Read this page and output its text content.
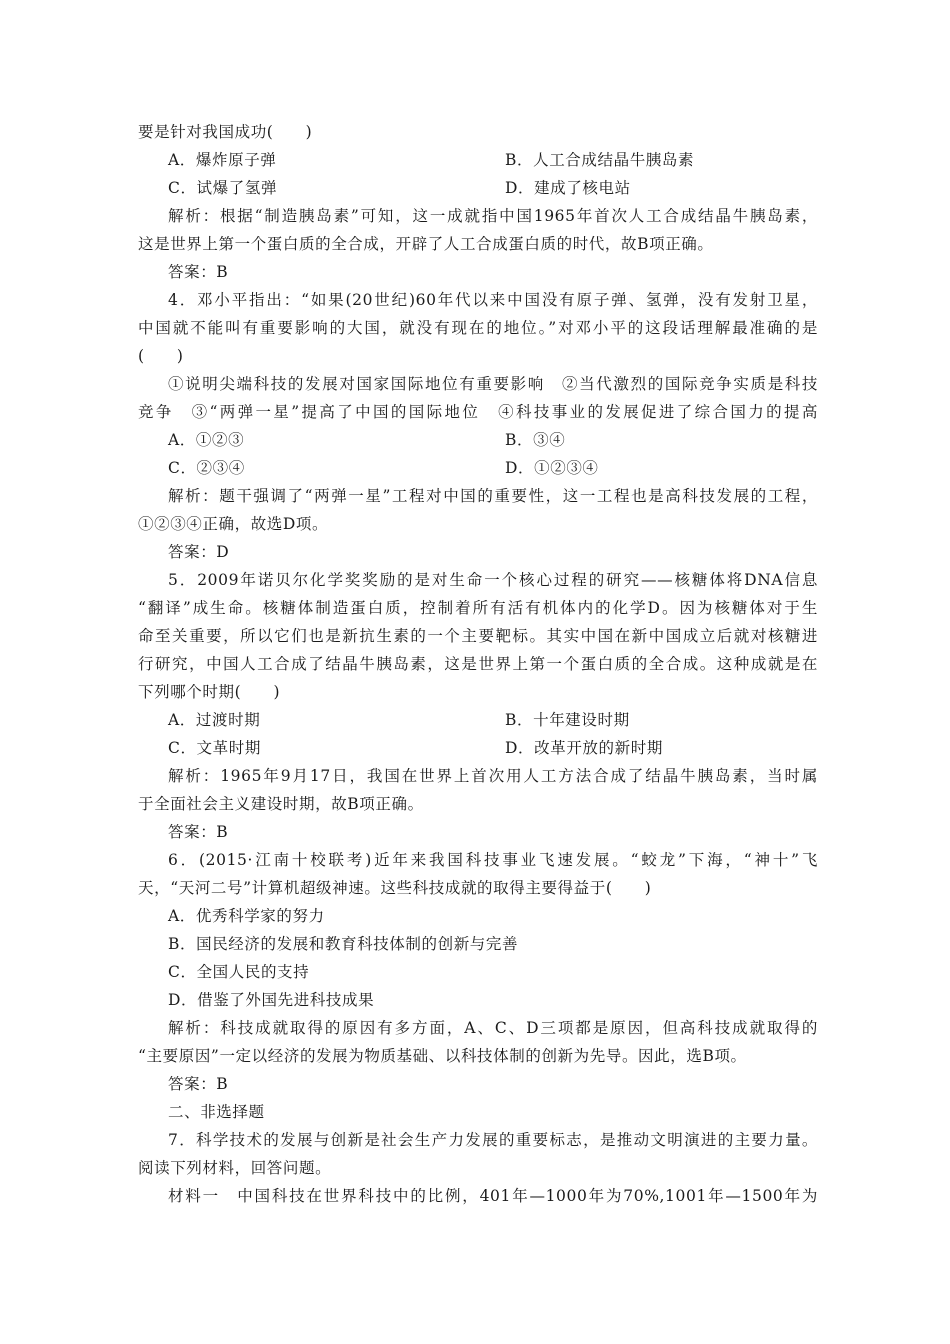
要是针对我国成功(　　)
A．爆炸原子弹	B．人工合成结晶牛胰岛素
C．试爆了氢弹	D．建成了核电站
解析：根据“制造胰岛素”可知，这一成就指中国1965年首次人工合成结晶牛胰岛素，
这是世界上第一个蛋白质的全合成，开辟了人工合成蛋白质的时代，故B项正确。
答案：B
4．邓小平指出：“如果(20世纪)60年代以来中国没有原子弹、氢弹，没有发射卫星，
中国就不能叫有重要影响的大国，就没有现在的地位。”对邓小平的这段话理解最准确的是
(　　)
①说明尖端科技的发展对国家国际地位有重要影响　②当代激烈的国际竞争实质是科技
竞争　③“两弹一星”提高了中国的国际地位　④科技事业的发展促进了综合国力的提高
A．①②③	B．③④
C．②③④	D．①②③④
解析：题干强调了“两弹一星”工程对中国的重要性，这一工程也是高科技发展的工程，
①②③④正确，故选D项。
答案：D
5．2009年诺贝尔化学奖奖励的是对生命一个核心过程的研究——核糖体将DNA信息
“翻译”成生命。核糖体制造蛋白质，控制着所有活有机体内的化学D。因为核糖体对于生
命至关重要，所以它们也是新抗生素的一个主要靶标。其实中国在新中国成立后就对核糖进
行研究，中国人工合成了结晶牛胰岛素，这是世界上第一个蛋白质的全合成。这种成就是在
下列哪个时期(　　)
A．过渡时期	B．十年建设时期
C．文革时期	D．改革开放的新时期
解析：1965年9月17日，我国在世界上首次用人工方法合成了结晶牛胰岛素，当时属
于全面社会主义建设时期，故B项正确。
答案：B
6．(2015·江南十校联考)近年来我国科技事业飞速发展。“蛟龙”下海，“神十”飞
天，“天河二号”计算机超级神速。这些科技成就的取得主要得益于(　　)
A．优秀科学家的努力
B．国民经济的发展和教育科技体制的创新与完善
C．全国人民的支持
D．借鉴了外国先进科技成果
解析：科技成就取得的原因有多方面，A、C、D三项都是原因，但高科技成就取得的
“主要原因”一定以经济的发展为物质基础、以科技体制的创新为先导。因此，选B项。
答案：B
二、非选择题
7．科学技术的发展与创新是社会生产力发展的重要标志，是推动文明演进的主要力量。
阅读下列材料，回答问题。
材料一　中国科技在世界科技中的比例，401年—1000年为70%,1001年—1500年为
